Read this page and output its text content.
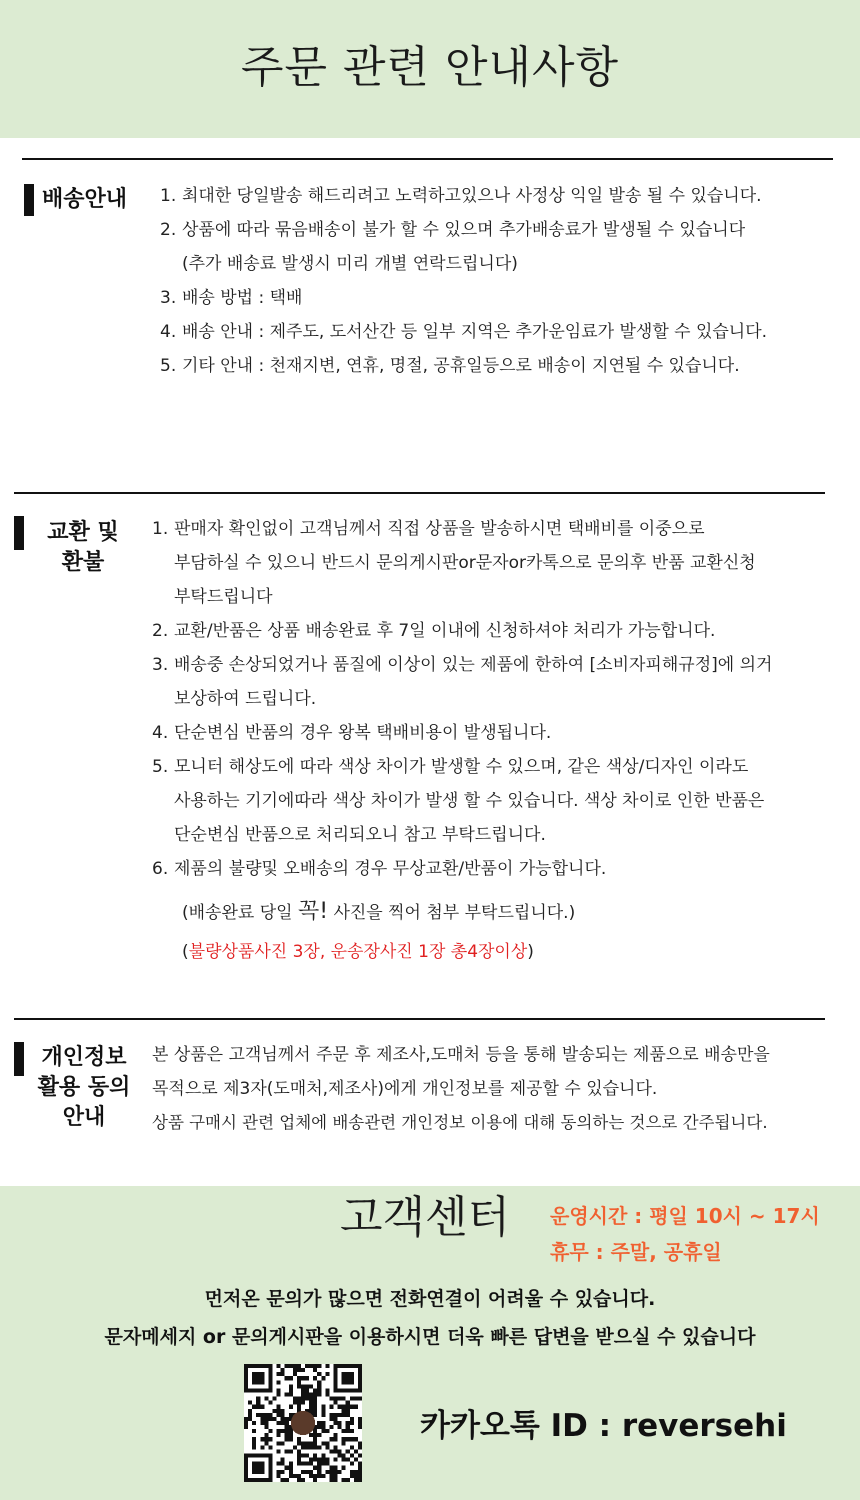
주문 관련 안내사항
배송안내 1. 최대한 당일발송 해드리려고 노력하고있으나 사정상 익일 발송 될 수 있습니다.
2. 상품에 따라 묶음배송이 불가 할 수 있으며 추가배송료가 발생될 수 있습니다
(추가 배송료 발생시 미리 개별 연락드립니다)
3. 배송 방법 : 택배
4. 배송 안내 : 제주도, 도서산간 등 일부 지역은 추가운임료가 발생할 수 있습니다.
5. 기타 안내 : 천재지변, 연휴, 명절, 공휴일등으로 배송이 지연될 수 있습니다.
교환 및
환불
1. 판매자 확인없이 고객님께서 직접 상품을 발송하시면 택배비를 이중으로
부담하실 수 있으니 반드시 문의게시판or문자or카톡으로 문의후 반품 교환신청
부탁드립니다
2. 교환/반품은 상품 배송완료 후 7일 이내에 신청하셔야 처리가 가능합니다.
3. 배송중 손상되었거나 품질에 이상이 있는 제품에 한하여 [소비자피해규정]에 의거
보상하여 드립니다.
4. 단순변심 반품의 경우 왕복 택배비용이 발생됩니다.
5. 모니터 해상도에 따라 색상 차이가 발생할 수 있으며, 같은 색상/디자인 이라도
사용하는 기기에따라 색상 차이가 발생 할 수 있습니다. 색상 차이로 인한 반품은
단순변심 반품으로 처리되오니 참고 부탁드립니다.
6. 제품의 불량및 오배송의 경우 무상교환/반품이 가능합니다.
(배송완료 당일 꼭! 사진을 찍어 첨부 부탁드립니다.)
(불량상품사진 3장, 운송장사진 1장 총4장이상)
개인정보
활용 동의
안내
본 상품은 고객님께서 주문 후 제조사,도매처 등을 통해 발송되는 제품으로 배송만을
목적으로 제3자(도매처,제조사)에게 개인정보를 제공할 수 있습니다.
상품 구매시 관련 업체에 배송관련 개인정보 이용에 대해 동의하는 것으로 간주됩니다.
고객센터 운영시간 : 평일 10시 ~ 17시
휴무 : 주말, 공휴일
먼저온 문의가 많으면 전화연결이 어려울 수 있습니다.
문자메세지 or 문의게시판을 이용하시면 더욱 빠른 답변을 받으실 수 있습니다
카카오톡 ID : reversehi
